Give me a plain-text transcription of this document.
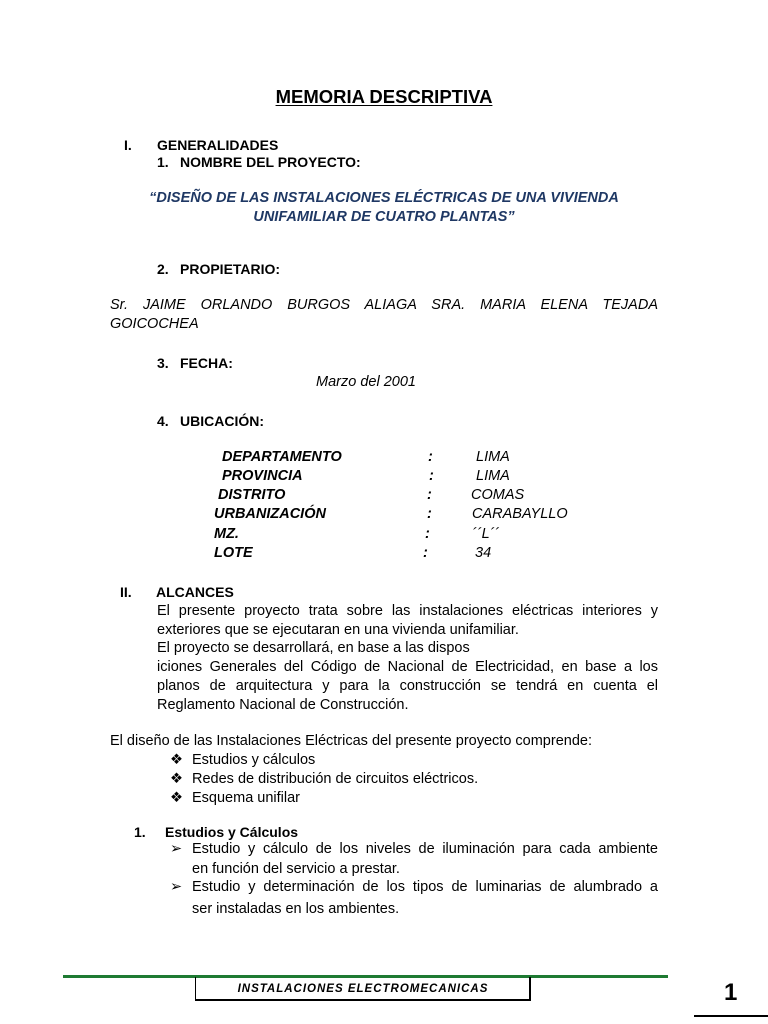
MEMORIA DESCRIPTIVA
I. GENERALIDADES
1. NOMBRE DEL PROYECTO:
“DISEÑO DE LAS INSTALACIONES ELÉCTRICAS DE UNA VIVIENDA
UNIFAMILIAR DE CUATRO PLANTAS”
2. PROPIETARIO:
Sr. JAIME ORLANDO BURGOS ALIAGA SRA. MARIA ELENA TEJADA
GOICOCHEA
3. FECHA:
Marzo del 2001
4. UBICACIÓN:
DEPARTAMENTO	:	LIMA
PROVINCIA	:	LIMA
DISTRITO	:	COMAS
URBANIZACIÓN	:	CARABAYLLO
MZ.	:	´´L´´
LOTE	:	34
II. ALCANCES
El presente proyecto trata sobre las instalaciones eléctricas interiores y
exteriores que se ejecutaran en una vivienda unifamiliar.
El proyecto se desarrollará, en base a las dispos
iciones Generales del Código de Nacional de Electricidad, en base a los
planos de arquitectura y para la construcción se tendrá en cuenta el
Reglamento Nacional de Construcción.
El diseño de las Instalaciones Eléctricas del presente proyecto comprende:
❖ Estudios y cálculos
❖ Redes de distribución de circuitos eléctricos.
❖ Esquema unifilar
1. Estudios y Cálculos
➢ Estudio y cálculo de los niveles de iluminación para cada ambiente
en función del servicio a prestar.
➢ Estudio y determinación de los tipos de luminarias de alumbrado a
ser instaladas en los ambientes.
INSTALACIONES ELECTROMECANICAS	1
